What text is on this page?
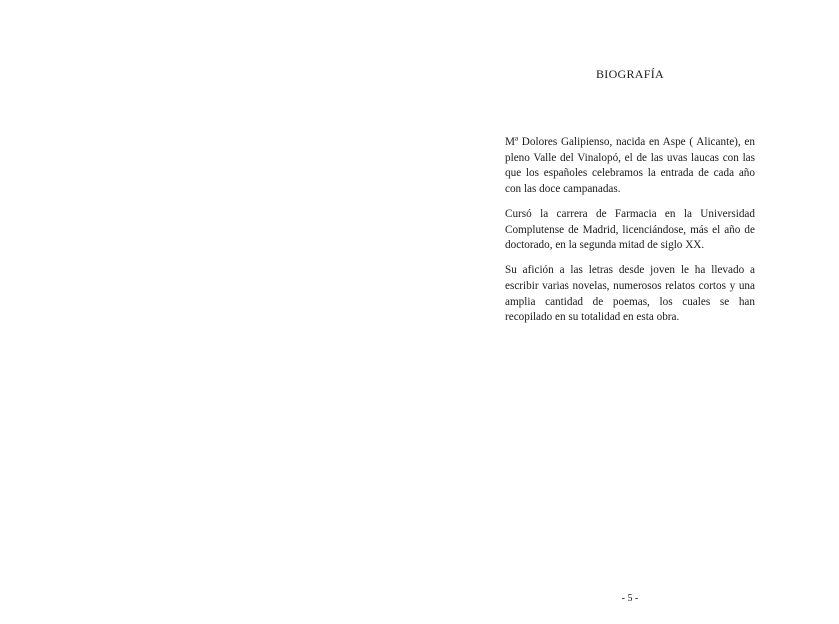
BIOGRAFÍA

Mª Dolores Galipienso, nacida en Aspe ( Alicante), en pleno Valle del Vinalopó, el de las uvas laucas con las que los españoles celebramos la entrada de cada año con las doce campanadas.

Cursó la carrera de Farmacia en la Universidad Complutense de Madrid, licenciándose, más el año de doctorado, en la segunda mitad de siglo XX.

Su afición a las letras desde joven le ha llevado a escribir varias novelas, numerosos relatos cortos y una amplia cantidad de poemas, los cuales se han recopilado en su totalidad en esta obra.

- 5 -
